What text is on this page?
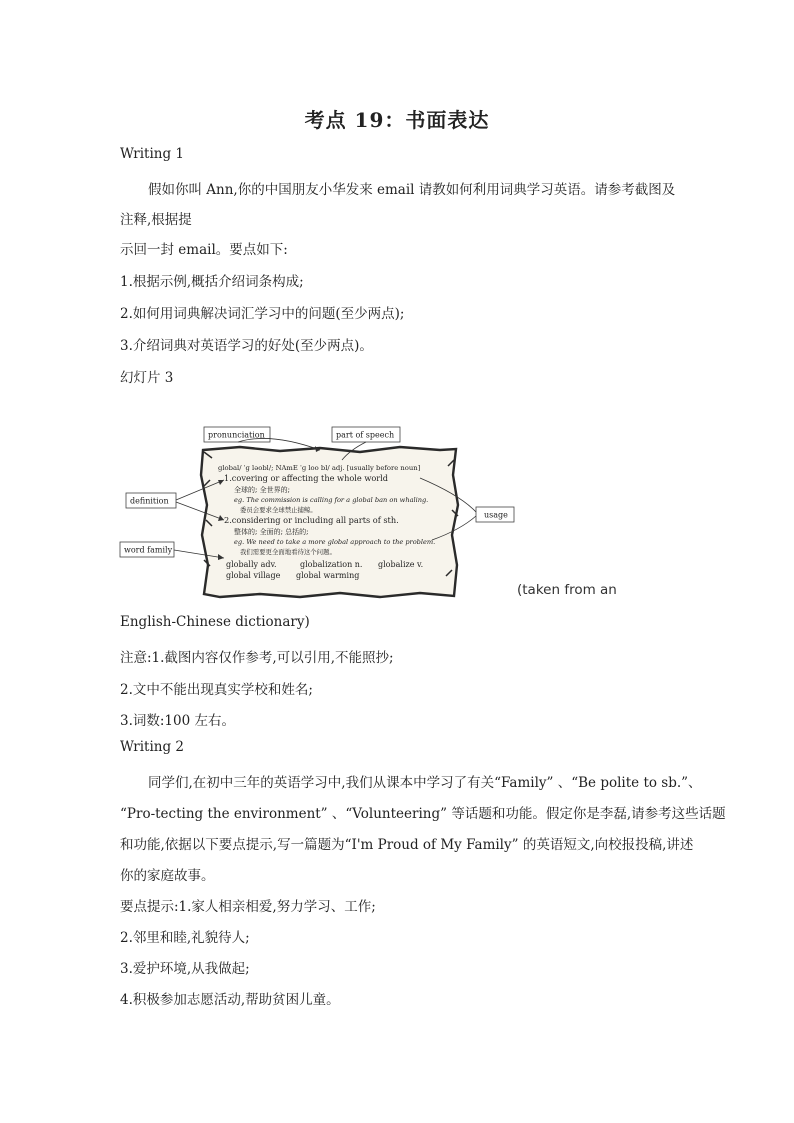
考点 19：书面表达
Writing 1
假如你叫 Ann,你的中国朋友小华发来 email 请教如何利用词典学习英语。请参考截图及
注释,根据提
示回一封 email。要点如下:
1.根据示例,概括介绍词条构成;
2.如何用词典解决词汇学习中的问题(至少两点);
3.介绍词典对英语学习的好处(至少两点)。
幻灯片 3
pronunciation	part of speech
definition
usage
word family
global/ ˈɡ ləobl/; NAmE ˈɡ loo bl/ adj. [usually before noun]
1.covering or affecting the whole world
全球的; 全世界的;
eg. The commission is calling for a global ban on whaling.
委员会要求全球禁止捕鲸。
2.considering or including all parts of sth.
整体的; 全面的; 总括的;
eg. We need to take a more global approach to the problem.
我们需要更全面地看待这个问题。
globally adv.	globalization n. globalize v.
global village global warming
(taken from an
English-Chinese dictionary)
注意:1.截图内容仅作参考,可以引用,不能照抄;
2.文中不能出现真实学校和姓名;
3.词数:100 左右。
Writing 2
同学们,在初中三年的英语学习中,我们从课本中学习了有关“Family” 、“Be polite to sb.”、
“Pro-tecting the environment” 、“Volunteering” 等话题和功能。假定你是李磊,请参考这些话题
和功能,依据以下要点提示,写一篇题为“I'm Proud of My Family” 的英语短文,向校报投稿,讲述
你的家庭故事。
要点提示:1.家人相亲相爱,努力学习、工作;
2.邻里和睦,礼貌待人;
3.爱护环境,从我做起;
4.积极参加志愿活动,帮助贫困儿童。
